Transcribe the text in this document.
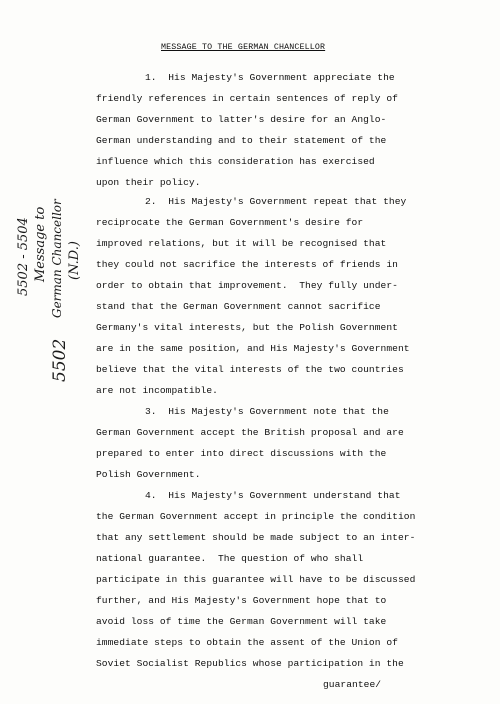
MESSAGE TO THE GERMAN CHANCELLOR
1.  His Majesty's Government appreciate the
friendly references in certain sentences of reply of
German Government to latter's desire for an Anglo-
German understanding and to their statement of the
influence which this consideration has exercised
upon their policy.
2.  His Majesty's Government repeat that they
reciprocate the German Government's desire for
improved relations, but it will be recognised that
they could not sacrifice the interests of friends in
order to obtain that improvement.  They fully under-
stand that the German Government cannot sacrifice
Germany's vital interests, but the Polish Government
are in the same position, and His Majesty's Government
believe that the vital interests of the two countries
are not incompatible.
3.  His Majesty's Government note that the
German Government accept the British proposal and are
prepared to enter into direct discussions with the
Polish Government.
4.  His Majesty's Government understand that
the German Government accept in principle the condition
that any settlement should be made subject to an inter-
national guarantee.  The question of who shall
participate in this guarantee will have to be discussed
further, and His Majesty's Government hope that to
avoid loss of time the German Government will take
immediate steps to obtain the assent of the Union of
Soviet Socialist Republics whose participation in the
guarantee/
5502 - 5504 Message to German Chancellor (N.D.)
5502
